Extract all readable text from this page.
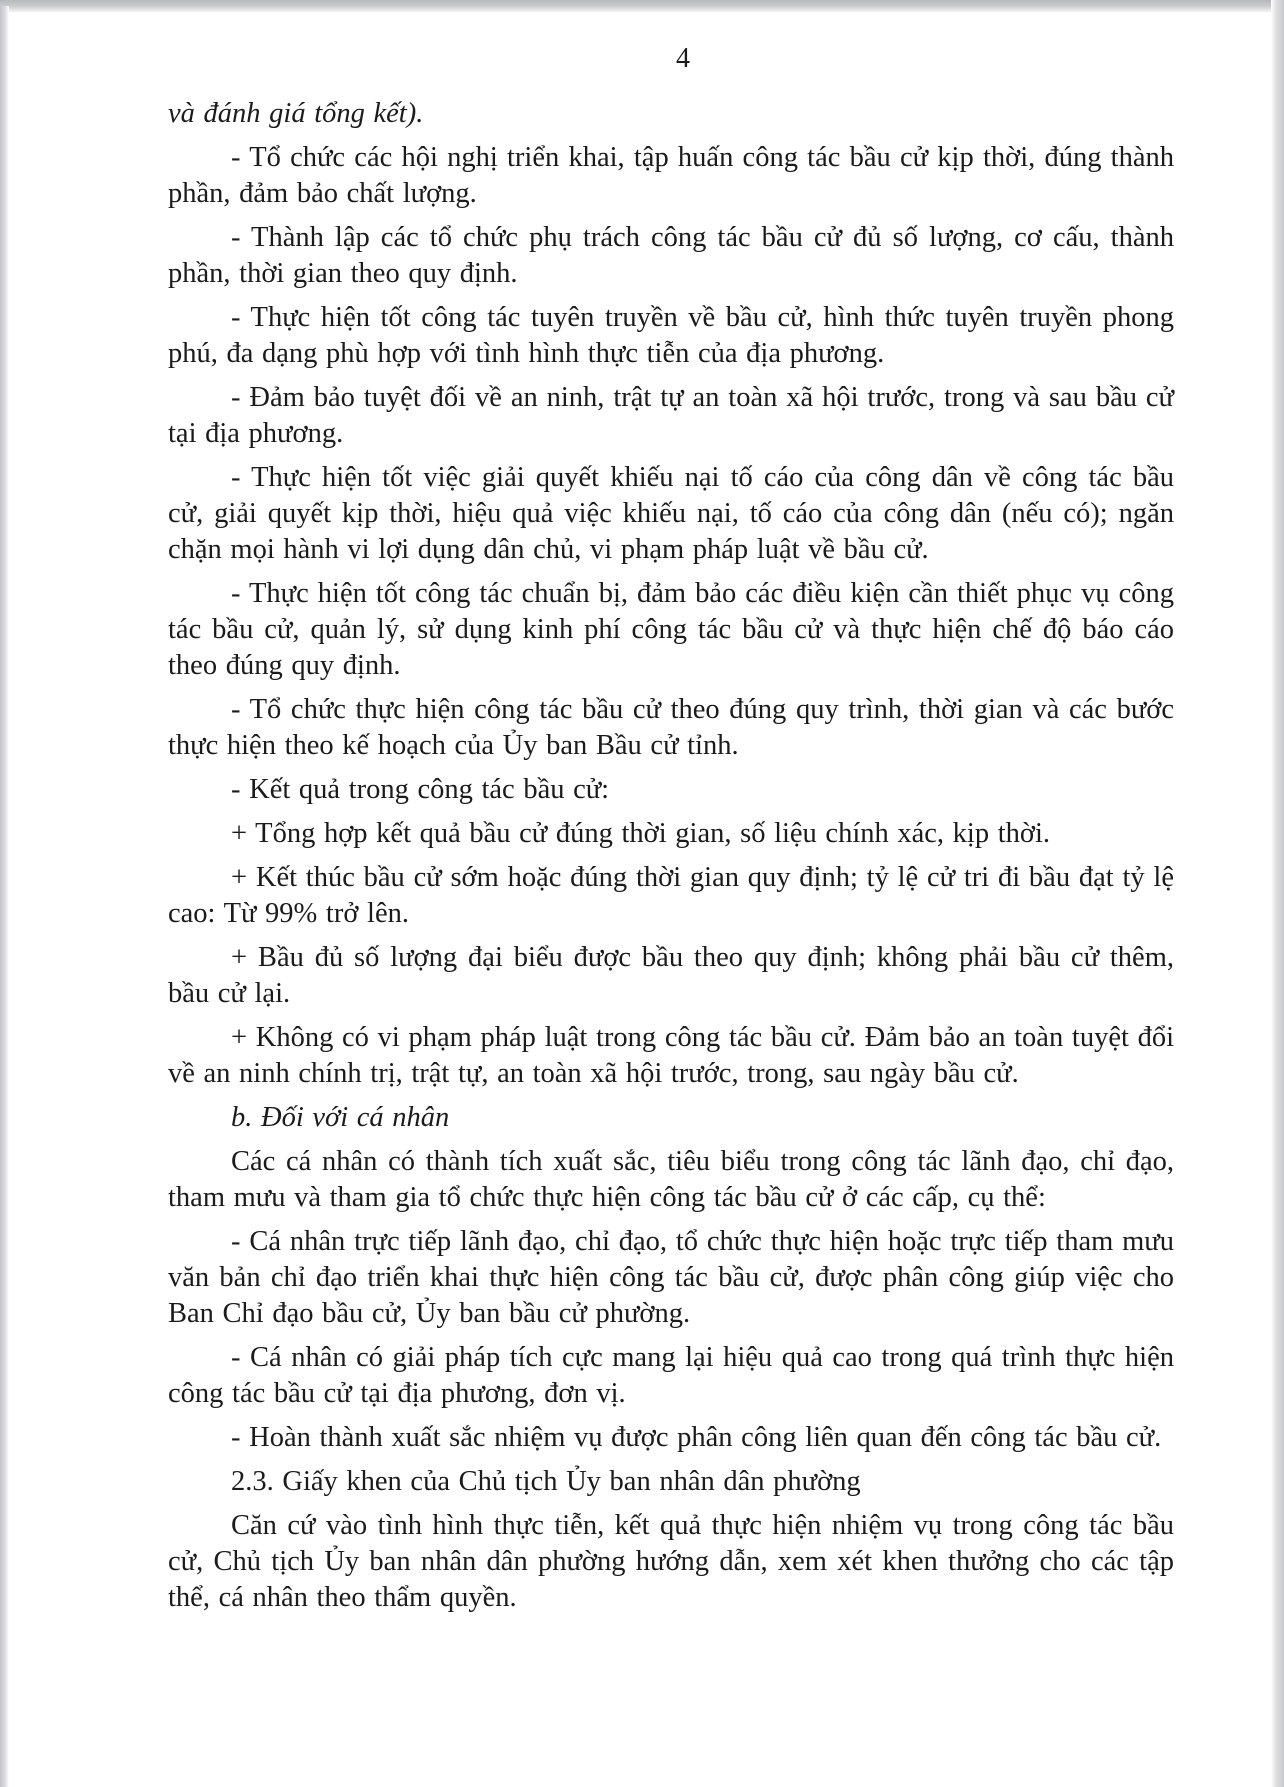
4

và đánh giá tổng kết).

- Tổ chức các hội nghị triển khai, tập huấn công tác bầu cử kịp thời, đúng thành phần, đảm bảo chất lượng.

- Thành lập các tổ chức phụ trách công tác bầu cử đủ số lượng, cơ cấu, thành phần, thời gian theo quy định.

- Thực hiện tốt công tác tuyên truyền về bầu cử, hình thức tuyên truyền phong phú, đa dạng phù hợp với tình hình thực tiễn của địa phương.

- Đảm bảo tuyệt đối về an ninh, trật tự an toàn xã hội trước, trong và sau bầu cử tại địa phương.

- Thực hiện tốt việc giải quyết khiếu nại tố cáo của công dân về công tác bầu cử, giải quyết kịp thời, hiệu quả việc khiếu nại, tố cáo của công dân (nếu có); ngăn chặn mọi hành vi lợi dụng dân chủ, vi phạm pháp luật về bầu cử.

- Thực hiện tốt công tác chuẩn bị, đảm bảo các điều kiện cần thiết phục vụ công tác bầu cử, quản lý, sử dụng kinh phí công tác bầu cử và thực hiện chế độ báo cáo theo đúng quy định.

- Tổ chức thực hiện công tác bầu cử theo đúng quy trình, thời gian và các bước thực hiện theo kế hoạch của Ủy ban Bầu cử tỉnh.

- Kết quả trong công tác bầu cử:

+ Tổng hợp kết quả bầu cử đúng thời gian, số liệu chính xác, kịp thời.

+ Kết thúc bầu cử sớm hoặc đúng thời gian quy định; tỷ lệ cử tri đi bầu đạt tỷ lệ cao: Từ 99% trở lên.

+ Bầu đủ số lượng đại biểu được bầu theo quy định; không phải bầu cử thêm, bầu cử lại.

+ Không có vi phạm pháp luật trong công tác bầu cử. Đảm bảo an toàn tuyệt đổi về an ninh chính trị, trật tự, an toàn xã hội trước, trong, sau ngày bầu cử.

b. Đối với cá nhân

Các cá nhân có thành tích xuất sắc, tiêu biểu trong công tác lãnh đạo, chỉ đạo, tham mưu và tham gia tổ chức thực hiện công tác bầu cử ở các cấp, cụ thể:

- Cá nhân trực tiếp lãnh đạo, chỉ đạo, tổ chức thực hiện hoặc trực tiếp tham mưu văn bản chỉ đạo triển khai thực hiện công tác bầu cử, được phân công giúp việc cho Ban Chỉ đạo bầu cử, Ủy ban bầu cử phường.

- Cá nhân có giải pháp tích cực mang lại hiệu quả cao trong quá trình thực hiện công tác bầu cử tại địa phương, đơn vị.

- Hoàn thành xuất sắc nhiệm vụ được phân công liên quan đến công tác bầu cử.

2.3. Giấy khen của Chủ tịch Ủy ban nhân dân phường

Căn cứ vào tình hình thực tiễn, kết quả thực hiện nhiệm vụ trong công tác bầu cử, Chủ tịch Ủy ban nhân dân phường hướng dẫn, xem xét khen thưởng cho các tập thể, cá nhân theo thẩm quyền.
